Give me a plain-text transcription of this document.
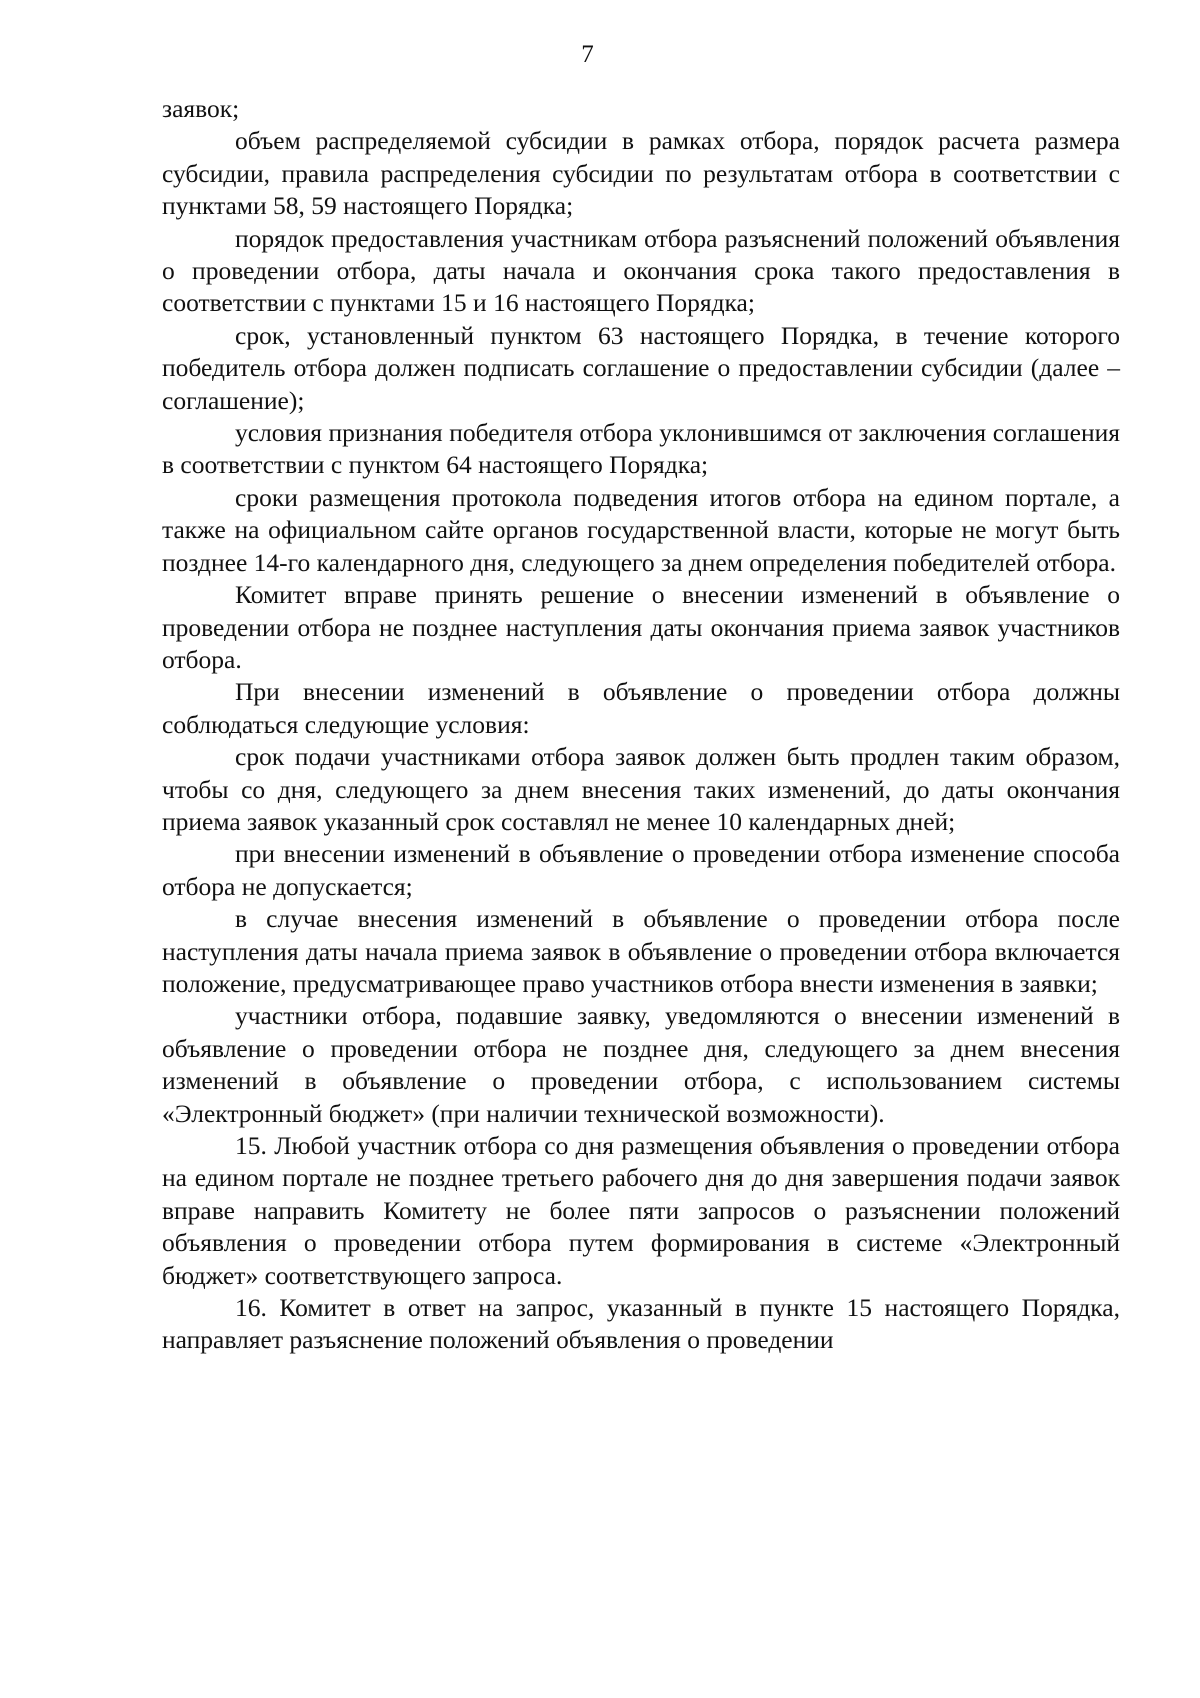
7

заявок;

объем распределяемой субсидии в рамках отбора, порядок расчета размера субсидии, правила распределения субсидии по результатам отбора в соответствии с пунктами 58, 59 настоящего Порядка;

порядок предоставления участникам отбора разъяснений положений объявления о проведении отбора, даты начала и окончания срока такого предоставления в соответствии с пунктами 15 и 16 настоящего Порядка;

срок, установленный пунктом 63 настоящего Порядка, в течение которого победитель отбора должен подписать соглашение о предоставлении субсидии (далее – соглашение);

условия признания победителя отбора уклонившимся от заключения соглашения в соответствии с пунктом 64 настоящего Порядка;

сроки размещения протокола подведения итогов отбора на едином портале, а также на официальном сайте органов государственной власти, которые не могут быть позднее 14-го календарного дня, следующего за днем определения победителей отбора.

Комитет вправе принять решение о внесении изменений в объявление о проведении отбора не позднее наступления даты окончания приема заявок участников отбора.

При внесении изменений в объявление о проведении отбора должны соблюдаться следующие условия:

срок подачи участниками отбора заявок должен быть продлен таким образом, чтобы со дня, следующего за днем внесения таких изменений, до даты окончания приема заявок указанный срок составлял не менее 10 календарных дней;

при внесении изменений в объявление о проведении отбора изменение способа отбора не допускается;

в случае внесения изменений в объявление о проведении отбора после наступления даты начала приема заявок в объявление о проведении отбора включается положение, предусматривающее право участников отбора внести изменения в заявки;

участники отбора, подавшие заявку, уведомляются о внесении изменений в объявление о проведении отбора не позднее дня, следующего за днем внесения изменений в объявление о проведении отбора, с использованием системы «Электронный бюджет» (при наличии технической возможности).

15. Любой участник отбора со дня размещения объявления о проведении отбора на едином портале не позднее третьего рабочего дня до дня завершения подачи заявок вправе направить Комитету не более пяти запросов о разъяснении положений объявления о проведении отбора путем формирования в системе «Электронный бюджет» соответствующего запроса.

16. Комитет в ответ на запрос, указанный в пункте 15 настоящего Порядка, направляет разъяснение положений объявления о проведении
